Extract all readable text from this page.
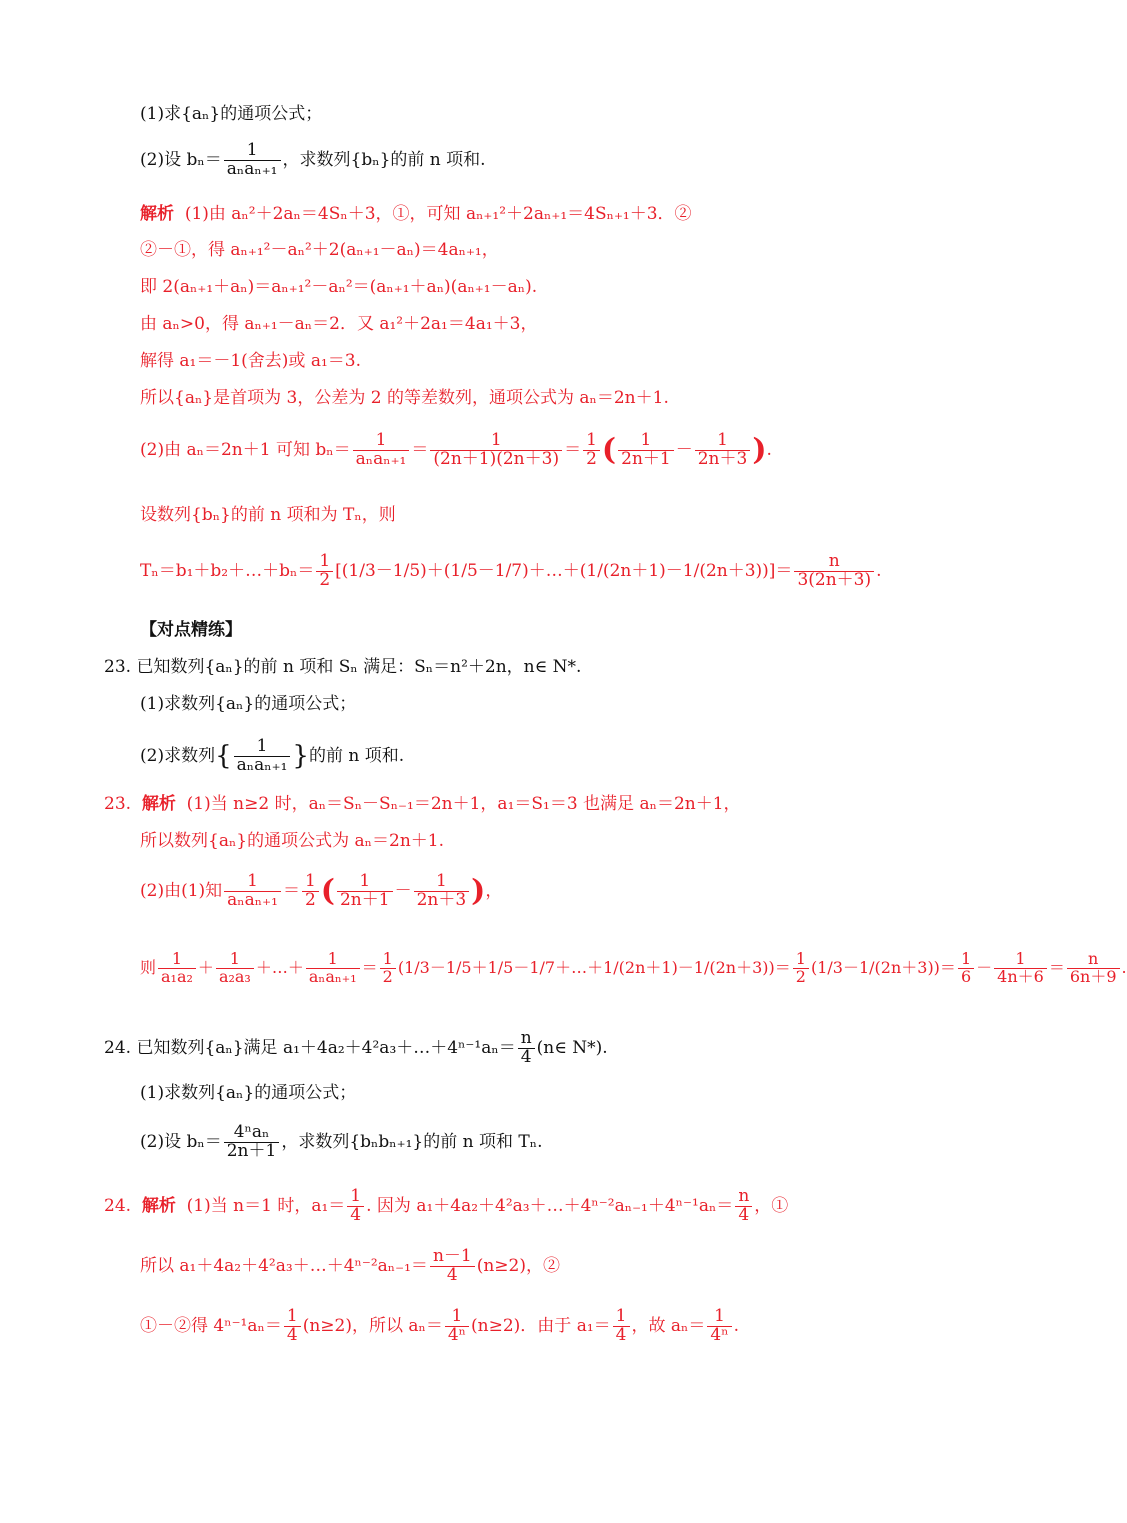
(1)求{aₙ}的通项公式；
(2)设 $b_n= \frac{1}{\text{aₙaₙ₊₁}}$ ，求数列{bₙ}的前 n 项和.
解析 (1)由 aₙ²＋2aₙ＝4Sₙ＋3，①，可知 aₙ₊₁²＋2aₙ₊₁＝4Sₙ₊₁＋3．②
②－①，得 aₙ₊₁²－aₙ²＋2(aₙ₊₁－aₙ)＝4aₙ₊₁，
即 2(aₙ₊₁＋aₙ)＝aₙ₊₁²－aₙ²＝(aₙ₊₁＋aₙ)(aₙ₊₁－aₙ).
由 aₙ>0，得 aₙ₊₁－aₙ＝2．又 a₁²＋2a₁＝4a₁＋3，
解得 a₁＝－1(舍去)或 a₁＝3.
所以{aₙ}是首项为 3，公差为 2 的等差数列，通项公式为 aₙ＝2n＋1.
(2)由 aₙ＝2n＋1 可知 $b_n= \frac{1}{\text{aₙaₙ₊₁}} = \frac{1}{(2n+1)(2n+3)} = \frac{1}{2}$ ( $\frac{1}{2n+1} - \frac{1}{2n+3}$ ).
设数列{bₙ}的前 n 项和为 Tₙ，则
Tₙ＝b₁＋b₂＋…＋bₙ＝ $\frac{1}{2}$ [(1/3－1/5)＋(1/5－1/7)＋…＋(1/(2n＋1)－1/(2n＋3))]＝ $\frac{n}{3(2n+3)}$ .
【对点精练】
23. 已知数列{aₙ}的前 n 项和 Sₙ 满足：Sₙ＝n²＋2n，n∈ N*.
(1)求数列{aₙ}的通项公式；
(2)求数列{ $\frac{1}{\text{aₙaₙ₊₁}}$ }的前 n 项和.
23. 解析 (1)当 n≥2 时，aₙ＝Sₙ－Sₙ₋₁＝2n＋1，a₁＝S₁＝3 也满足 aₙ＝2n＋1，
所以数列{aₙ}的通项公式为 aₙ＝2n＋1.
(2)由(1)知 $\frac{1}{\text{aₙaₙ₊₁}} = \frac{1}{2}$ ( $\frac{1}{2n+1} - \frac{1}{2n+3}$ )，
则 $\frac{1}{\text{a₁a₂}} + \frac{1}{\text{a₂a₃}}$ ＋…＋ $\frac{1}{\text{aₙaₙ₊₁}} = \frac{1}{2}$ (1/3－1/5＋1/5－1/7＋…＋1/(2n＋1)－1/(2n＋3))＝ $\frac{1}{2} (1/3-1/(2n+3))= \frac{1}{6} - \frac{1}{4n+6} = \frac{n}{6n+9}$ .
24. 已知数列{aₙ}满足 a₁＋4a₂＋4²a₃＋…＋4ⁿ⁻¹aₙ＝ $\frac{n}{4}$ (n∈ N*).
(1)求数列{aₙ}的通项公式；
(2)设 $b_n= \frac{\text{4ⁿaₙ}}{2n+1}$ ，求数列{bₙbₙ₊₁}的前 n 项和 Tₙ.
24. 解析 (1)当 n＝1 时，$a_1= \frac{1}{4}$ . 因为 a₁＋4a₂＋4²a₃＋…＋4ⁿ⁻²aₙ₋₁＋4ⁿ⁻¹aₙ＝ $\frac{n}{4}$ ，①
所以 a₁＋4a₂＋4²a₃＋…＋4ⁿ⁻²aₙ₋₁＝ $\frac{n-1}{4} (n\ge 2)$，②
①－②得 $4^{n-1}a_n= \frac{1}{4} (n\ge 2)$，所以 $a_n= \frac{1}{\text{4ⁿ}} (n\ge 2)$．由于 $a_1= \frac{1}{4}$ ，故 $a_n= \frac{1}{\text{4ⁿ}}$ .
